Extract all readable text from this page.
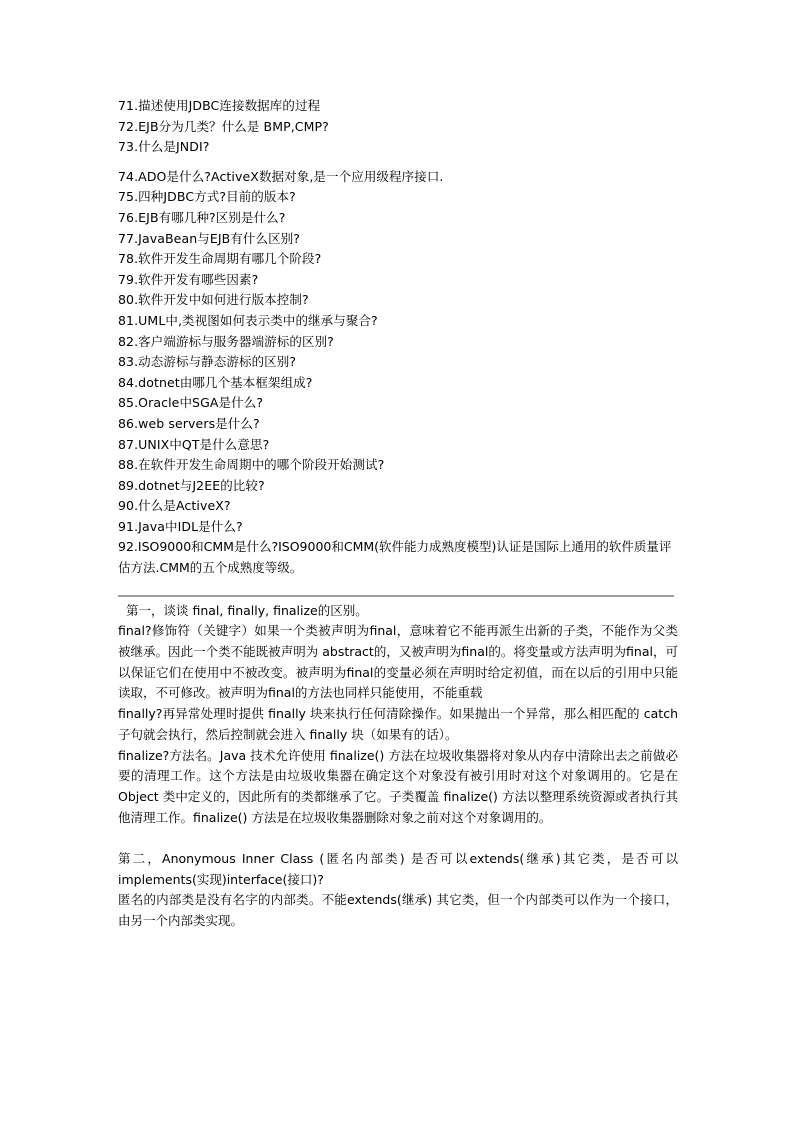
71.描述使用JDBC连接数据库的过程
72.EJB分为几类？什么是 BMP,CMP?
73.什么是JNDI?
74.ADO是什么?ActiveX数据对象,是一个应用级程序接口.
75.四种JDBC方式?目前的版本?
76.EJB有哪几种?区别是什么?
77.JavaBean与EJB有什么区别?
78.软件开发生命周期有哪几个阶段?
79.软件开发有哪些因素?
80.软件开发中如何进行版本控制?
81.UML中,类视图如何表示类中的继承与聚合?
82.客户端游标与服务器端游标的区别?
83.动态游标与静态游标的区别?
84.dotnet由哪几个基本框架组成?
85.Oracle中SGA是什么?
86.web servers是什么?
87.UNIX中QT是什么意思?
88.在软件开发生命周期中的哪个阶段开始测试?
89.dotnet与J2EE的比较?
90.什么是ActiveX?
91.Java中IDL是什么?
92.ISO9000和CMM是什么?ISO9000和CMM(软件能力成熟度模型)认证是国际上通用的软件质量评估方法.CMM的五个成熟度等级。
第一，谈谈 final, finally, finalize的区别。
final?修饰符（关键字）如果一个类被声明为final，意味着它不能再派生出新的子类，不能作为父类被继承。因此一个类不能既被声明为 abstract的，又被声明为final的。将变量或方法声明为final，可以保证它们在使用中不被改变。被声明为final的变量必须在声明时给定初值，而在以后的引用中只能读取，不可修改。被声明为final的方法也同样只能使用，不能重载
finally?再异常处理时提供 finally 块来执行任何清除操作。如果抛出一个异常，那么相匹配的 catch 子句就会执行，然后控制就会进入 finally 块（如果有的话）。
finalize?方法名。Java 技术允许使用 finalize() 方法在垃圾收集器将对象从内存中清除出去之前做必要的清理工作。这个方法是由垃圾收集器在确定这个对象没有被引用时对这个对象调用的。它是在 Object 类中定义的，因此所有的类都继承了它。子类覆盖 finalize() 方法以整理系统资源或者执行其他清理工作。finalize() 方法是在垃圾收集器删除对象之前对这个对象调用的。
第二，Anonymous Inner Class (匿名内部类) 是否可以extends(继承)其它类，是否可以implements(实现)interface(接口)?
匿名的内部类是没有名字的内部类。不能extends(继承) 其它类，但一个内部类可以作为一个接口，由另一个内部类实现。
